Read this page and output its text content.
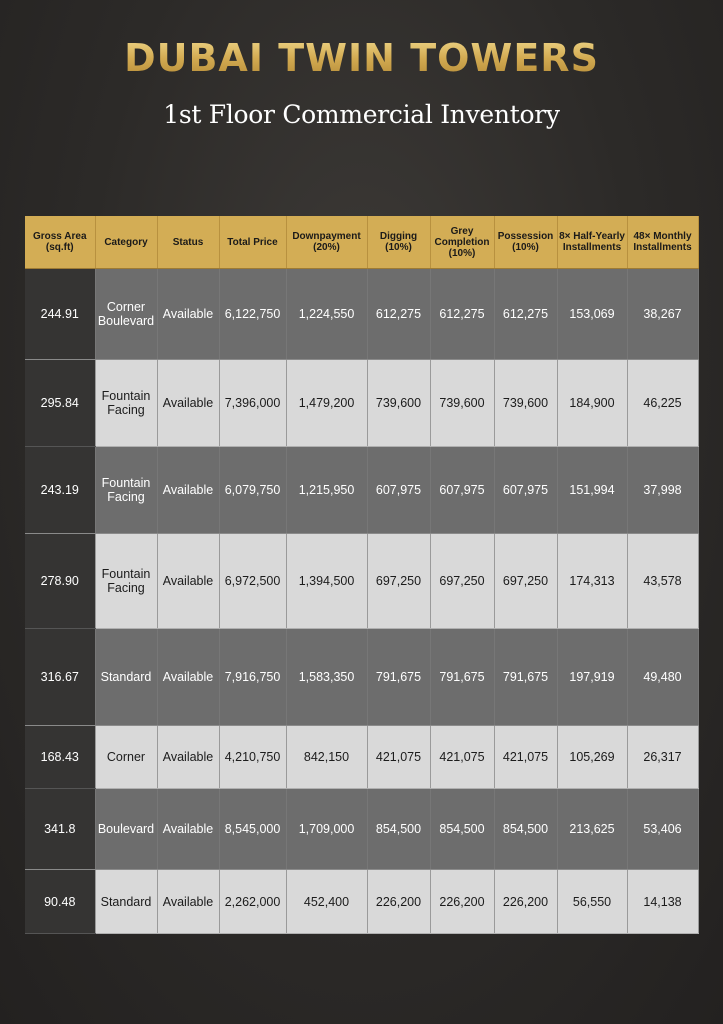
DUBAI TWIN TOWERS
1st Floor Commercial Inventory
Gross Area (sq.ft)	Category	Status	Total Price	Downpayment (20%)	Digging (10%)	Grey Completion (10%)	Possession (10%)	8× Half-Yearly Installments	48× Monthly Installments
244.91	Corner Boulevard	Available	6,122,750	1,224,550	612,275	612,275	612,275	153,069	38,267
295.84	Fountain Facing	Available	7,396,000	1,479,200	739,600	739,600	739,600	184,900	46,225
243.19	Fountain Facing	Available	6,079,750	1,215,950	607,975	607,975	607,975	151,994	37,998
278.90	Fountain Facing	Available	6,972,500	1,394,500	697,250	697,250	697,250	174,313	43,578
316.67	Standard	Available	7,916,750	1,583,350	791,675	791,675	791,675	197,919	49,480
168.43	Corner	Available	4,210,750	842,150	421,075	421,075	421,075	105,269	26,317
341.8	Boulevard	Available	8,545,000	1,709,000	854,500	854,500	854,500	213,625	53,406
90.48	Standard	Available	2,262,000	452,400	226,200	226,200	226,200	56,550	14,138
